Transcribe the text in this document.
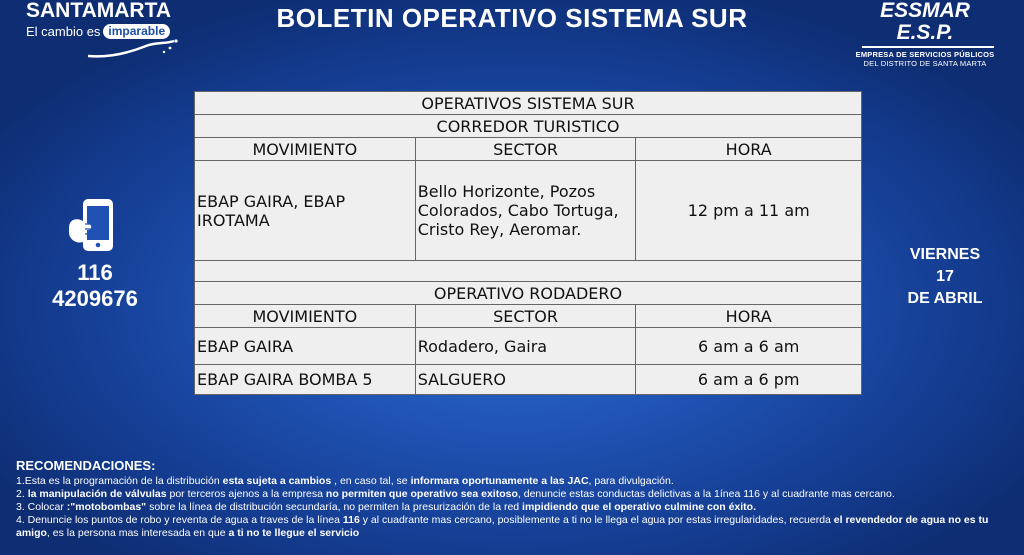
SANTAMARTA
El cambio es imparable	BOLETIN OPERATIVO SISTEMA SUR	ESSMAR E.S.P.
EMPRESA DE SERVICIOS PÚBLICOS
DEL DISTRITO DE SANTA MARTA
116
4209676
VIERNES
17
DE ABRIL
OPERATIVOS SISTEMA SUR		
CORREDOR TURISTICO		
MOVIMIENTO	SECTOR	HORA
EBAP GAIRA, EBAP IROTAMA	Bello Horizonte, Pozos Colorados, Cabo Tortuga, Cristo Rey, Aeromar.	12 pm a 11 am

OPERATIVO RODADERO		
MOVIMIENTO	SECTOR	HORA
EBAP GAIRA	Rodadero, Gaira	6 am a 6 am
EBAP GAIRA BOMBA 5	SALGUERO	6 am a 6 pm
RECOMENDACIONES:

1.Esta es la programación de la distribución esta sujeta a cambios , en caso tal, se informara oportunamente a las JAC, para divulgación.

2. la manipulación de válvulas por terceros ajenos a la empresa no permiten que operativo sea exitoso, denuncie estas conductas delictivas a la 1ínea 116 y al cuadrante mas cercano.

3. Colocar :"motobombas" sobre la línea de distribución secundaría, no permiten la presurización de la red impidiendo que el operativo culmine con éxito.

4. Denuncie los puntos de robo y reventa de agua a traves de la línea 116 y al cuadrante mas cercano, posiblemente a ti no le llega el agua por estas irregularidades, recuerda el revendedor de agua no es tu amigo, es la persona mas interesada en que a ti no te llegue el servicio
